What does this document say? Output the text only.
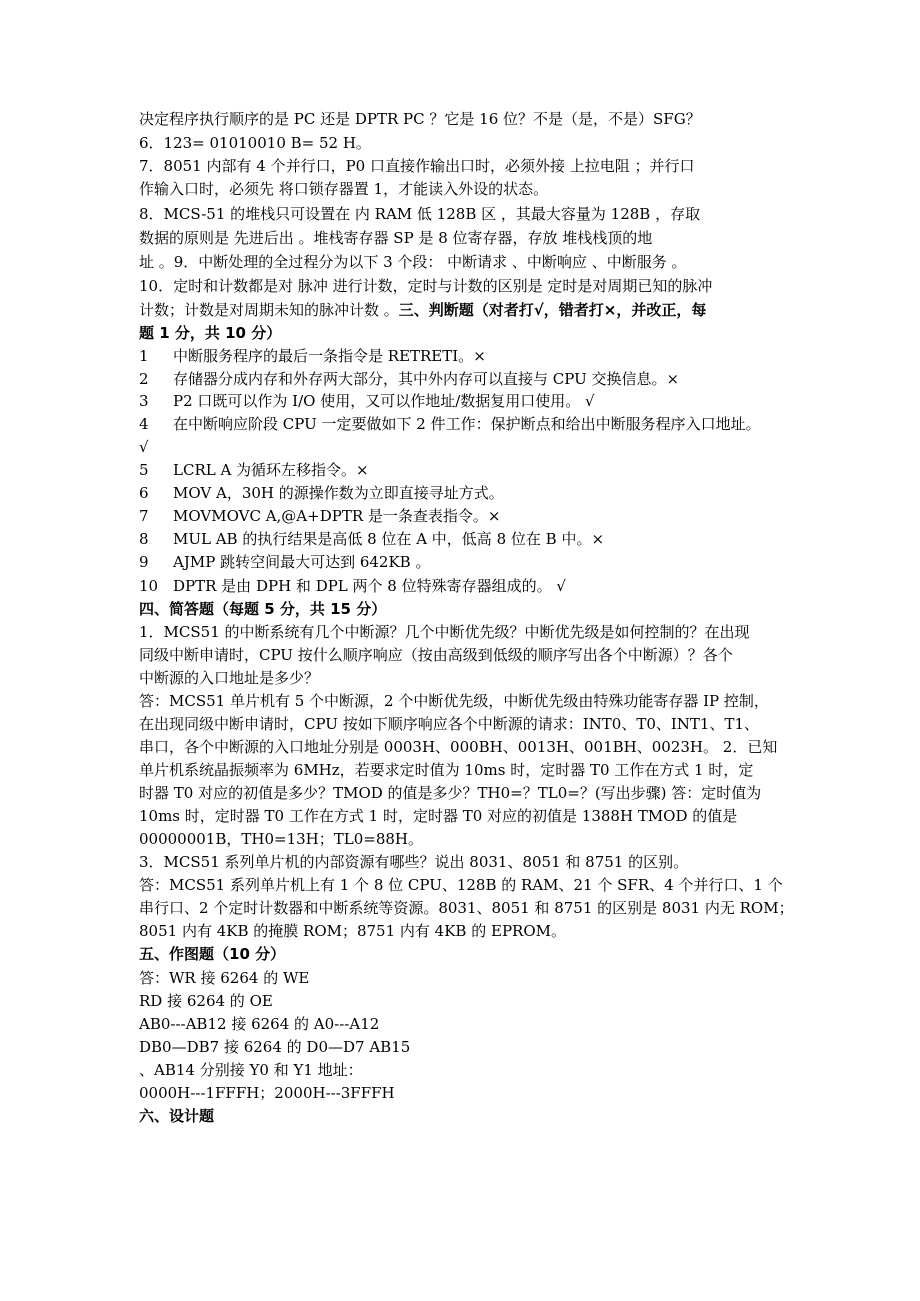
决定程序执行顺序的是 PC 还是 DPTR PC ？它是 16 位？不是（是，不是）SFG？
6．123= 01010010 B= 52 H。
7．8051 内部有 4 个并行口，P0 口直接作输出口时，必须外接 上拉电阻 ；并行口
作输入口时，必须先 将口锁存器置 1，才能读入外设的状态。
8．MCS-51 的堆栈只可设置在 内 RAM 低 128B 区 ，其最大容量为 128B ，存取
数据的原则是 先进后出 。堆栈寄存器 SP 是 8 位寄存器，存放 堆栈栈顶的地
址 。9．中断处理的全过程分为以下 3 个段： 中断请求 、中断响应 、中断服务 。
10．定时和计数都是对 脉冲 进行计数，定时与计数的区别是 定时是对周期已知的脉冲
计数；计数是对周期未知的脉冲计数 。三、判断题（对者打√，错者打×，并改正，每
题 1 分，共 10 分）
1 中断服务程序的最后一条指令是 RETRETI。×
2 存储器分成内存和外存两大部分，其中外内存可以直接与 CPU 交换信息。×
3 P2 口既可以作为 I/O 使用，又可以作地址/数据复用口使用。 √
4 在中断响应阶段 CPU 一定要做如下 2 件工作：保护断点和给出中断服务程序入口地址。
√
5 LCRL A 为循环左移指令。×
6 MOV A，30H 的源操作数为立即直接寻址方式。
7 MOVMOVC A,@A+DPTR 是一条查表指令。×
8 MUL AB 的执行结果是高低 8 位在 A 中，低高 8 位在 B 中。×
9 AJMP 跳转空间最大可达到 642KB 。
10 DPTR 是由 DPH 和 DPL 两个 8 位特殊寄存器组成的。 √
四、简答题（每题 5 分，共 15 分）
1．MCS51 的中断系统有几个中断源？几个中断优先级？中断优先级是如何控制的？在出现
同级中断申请时，CPU 按什么顺序响应（按由高级到低级的顺序写出各个中断源）？各个
中断源的入口地址是多少？
答：MCS51 单片机有 5 个中断源，2 个中断优先级，中断优先级由特殊功能寄存器 IP 控制，
在出现同级中断申请时，CPU 按如下顺序响应各个中断源的请求：INT0、T0、INT1、T1、
串口，各个中断源的入口地址分别是 0003H、000BH、0013H、001BH、0023H。 2．已知
单片机系统晶振频率为 6MHz，若要求定时值为 10ms 时，定时器 T0 工作在方式 1 时，定
时器 T0 对应的初值是多少？TMOD 的值是多少？TH0=？TL0=？(写出步骤) 答：定时值为
10ms 时，定时器 T0 工作在方式 1 时，定时器 T0 对应的初值是 1388H TMOD 的值是
00000001B，TH0=13H；TL0=88H。
3．MCS51 系列单片机的内部资源有哪些？说出 8031、8051 和 8751 的区别。
答：MCS51 系列单片机上有 1 个 8 位 CPU、128B 的 RAM、21 个 SFR、4 个并行口、1 个
串行口、2 个定时计数器和中断系统等资源。8031、8051 和 8751 的区别是 8031 内无 ROM；
8051 内有 4KB 的掩膜 ROM；8751 内有 4KB 的 EPROM。
五、作图题（10 分）
答：WR 接 6264 的 WE
RD 接 6264 的 OE
AB0---AB12 接 6264 的 A0---A12
DB0—DB7 接 6264 的 D0—D7 AB15
、AB14 分别接 Y0 和 Y1 地址：
0000H---1FFFH；2000H---3FFFH
六、设计题
